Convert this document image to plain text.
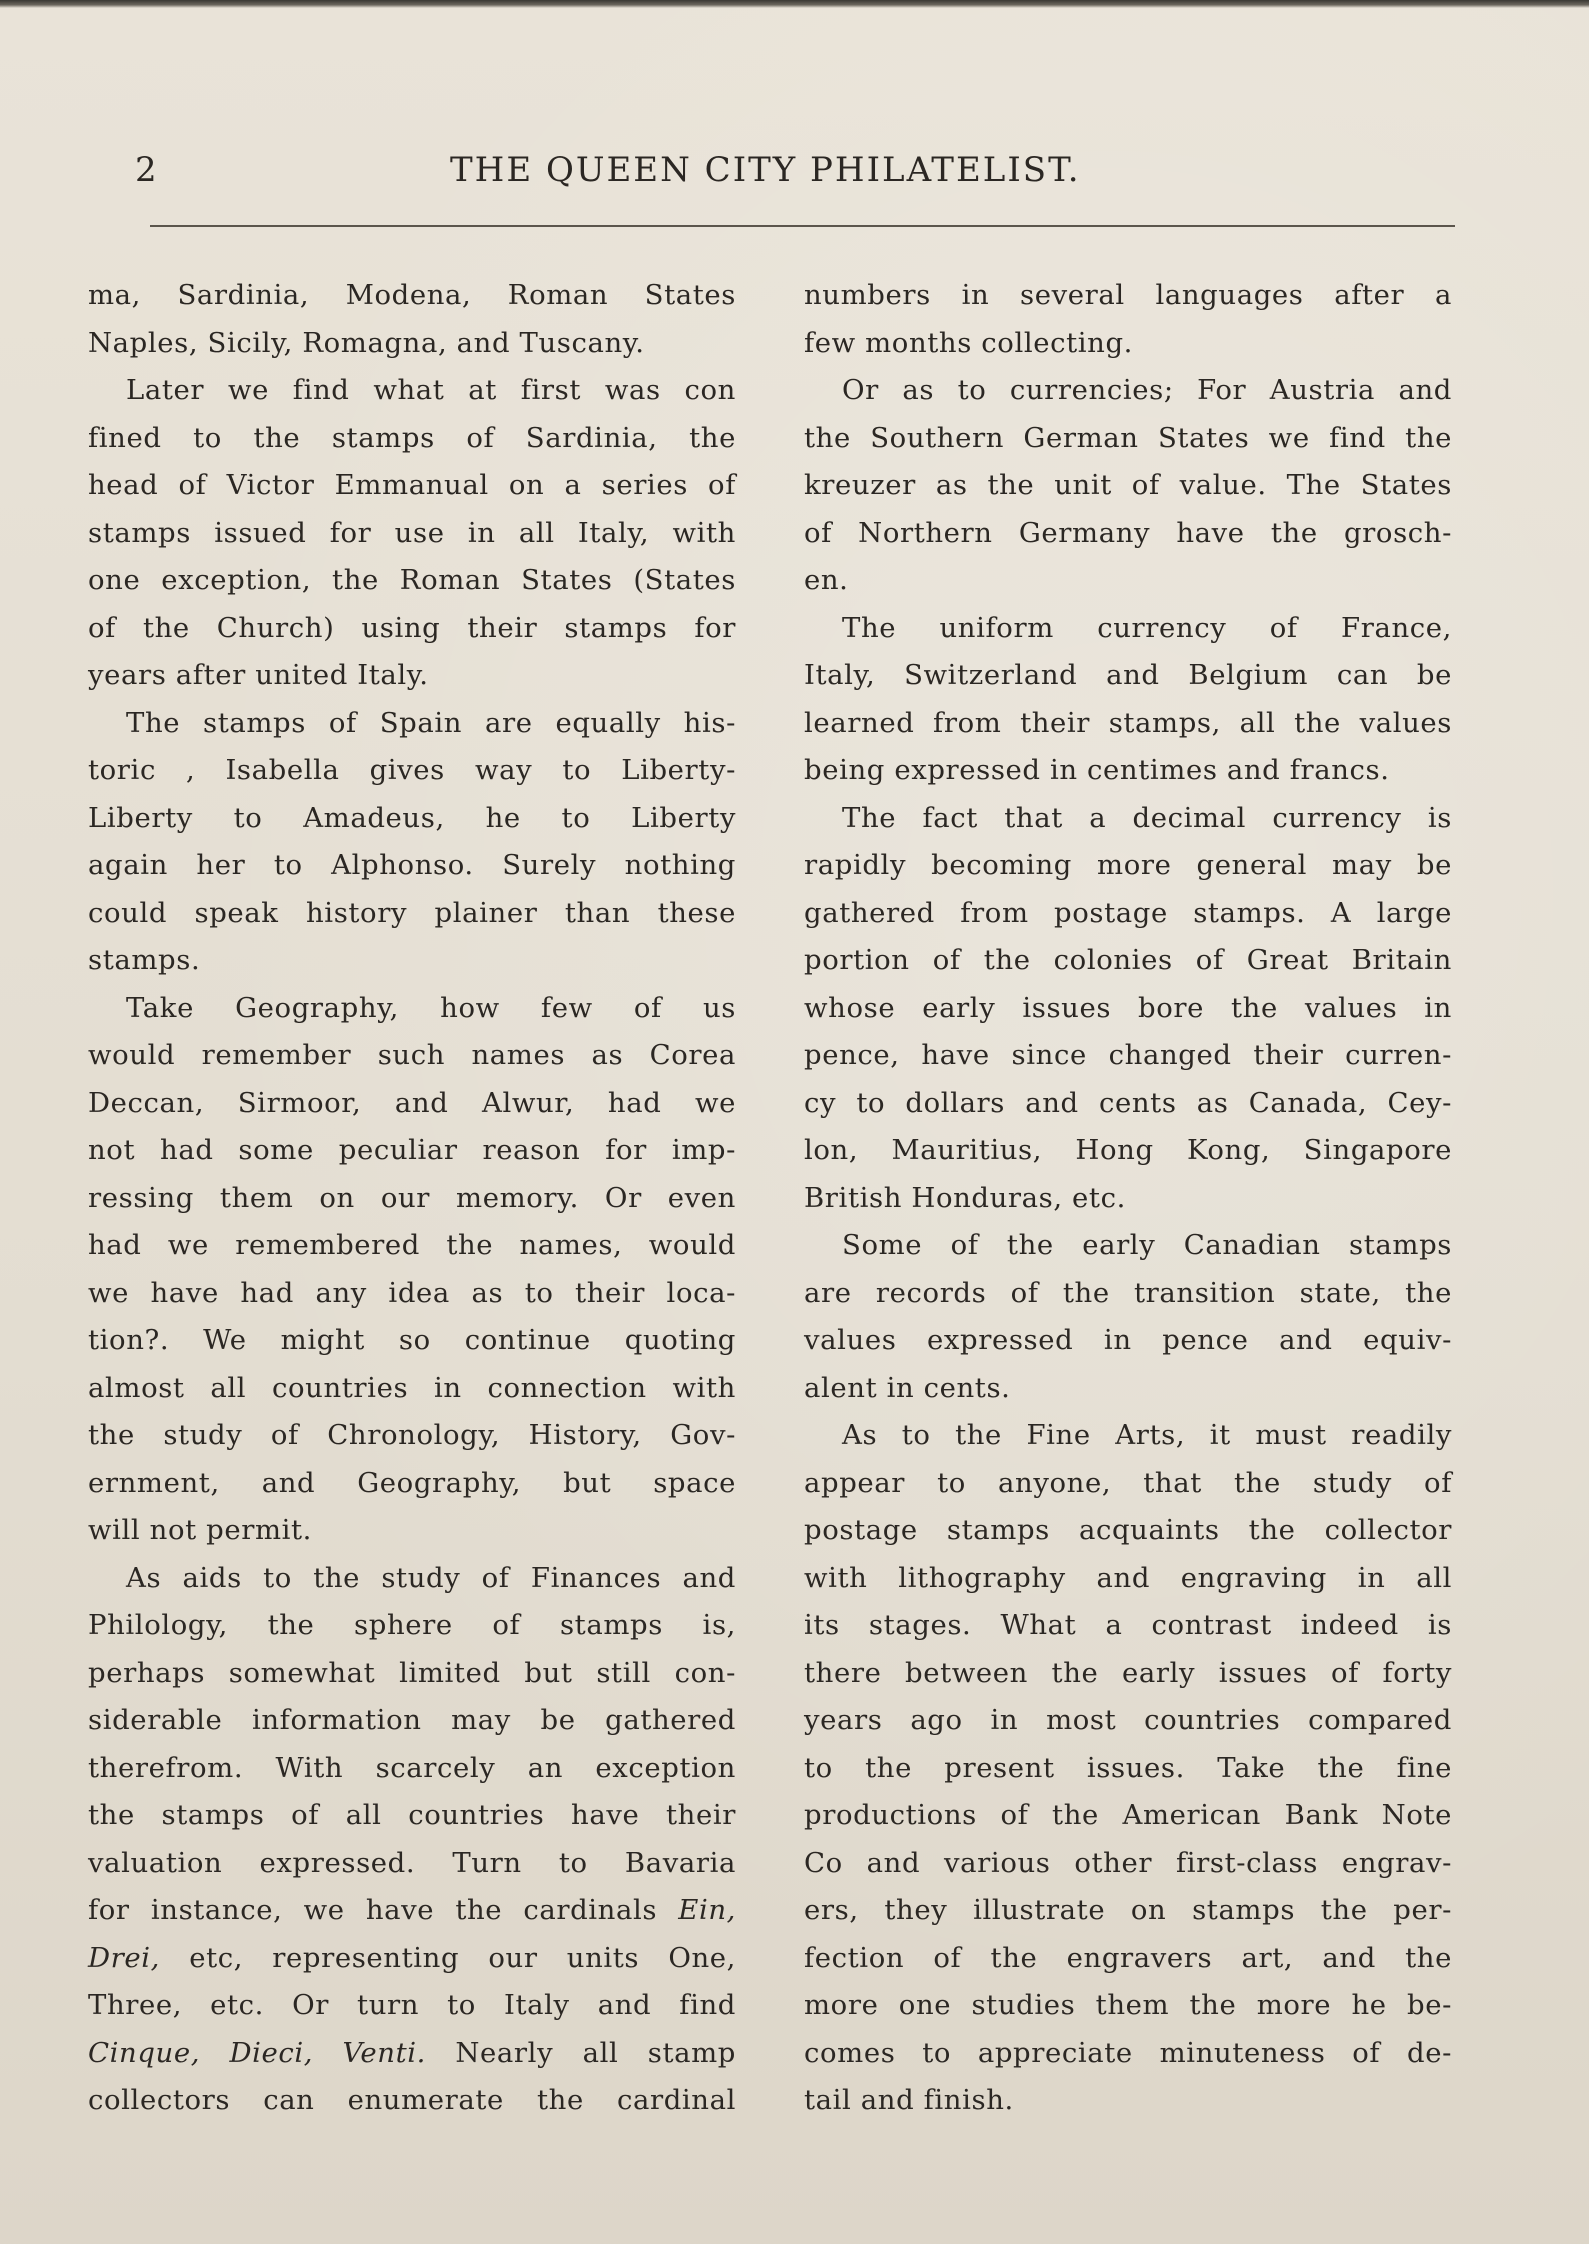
2	THE QUEEN CITY PHILATELIST.
ma, Sardinia, Modena, Roman States
Naples, Sicily, Romagna, and Tuscany.
Later we find what at first was con
fined to the stamps of Sardinia, the
head of Victor Emmanual on a series of
stamps issued for use in all Italy, with
one exception, the Roman States (States
of the Church) using their stamps for
years after united Italy.
The stamps of Spain are equally his-
toric , Isabella gives way to Liberty-
Liberty to Amadeus, he to Liberty
again her to Alphonso. Surely nothing
could speak history plainer than these
stamps.
Take Geography, how few of us
would remember such names as Corea
Deccan, Sirmoor, and Alwur, had we
not had some peculiar reason for imp-
ressing them on our memory. Or even
had we remembered the names, would
we have had any idea as to their loca-
tion?. We might so continue quoting
almost all countries in connection with
the study of Chronology, History, Gov-
ernment, and Geography, but space
will not permit.
As aids to the study of Finances and
Philology, the sphere of stamps is,
perhaps somewhat limited but still con-
siderable information may be gathered
therefrom. With scarcely an exception
the stamps of all countries have their
valuation expressed. Turn to Bavaria
for instance, we have the cardinals Ein,
Drei, etc, representing our units One,
Three, etc. Or turn to Italy and find
Cinque, Dieci, Venti. Nearly all stamp
collectors can enumerate the cardinal
numbers in several languages after a
few months collecting.
Or as to currencies; For Austria and
the Southern German States we find the
kreuzer as the unit of value. The States
of Northern Germany have the grosch-
en.
The uniform currency of France,
Italy, Switzerland and Belgium can be
learned from their stamps, all the values
being expressed in centimes and francs.
The fact that a decimal currency is
rapidly becoming more general may be
gathered from postage stamps. A large
portion of the colonies of Great Britain
whose early issues bore the values in
pence, have since changed their curren-
cy to dollars and cents as Canada, Cey-
lon, Mauritius, Hong Kong, Singapore
British Honduras, etc.
Some of the early Canadian stamps
are records of the transition state, the
values expressed in pence and equiv-
alent in cents.
As to the Fine Arts, it must readily
appear to anyone, that the study of
postage stamps acquaints the collector
with lithography and engraving in all
its stages. What a contrast indeed is
there between the early issues of forty
years ago in most countries compared
to the present issues. Take the fine
productions of the American Bank Note
Co and various other first-class engrav-
ers, they illustrate on stamps the per-
fection of the engravers art, and the
more one studies them the more he be-
comes to appreciate minuteness of de-
tail and finish.
